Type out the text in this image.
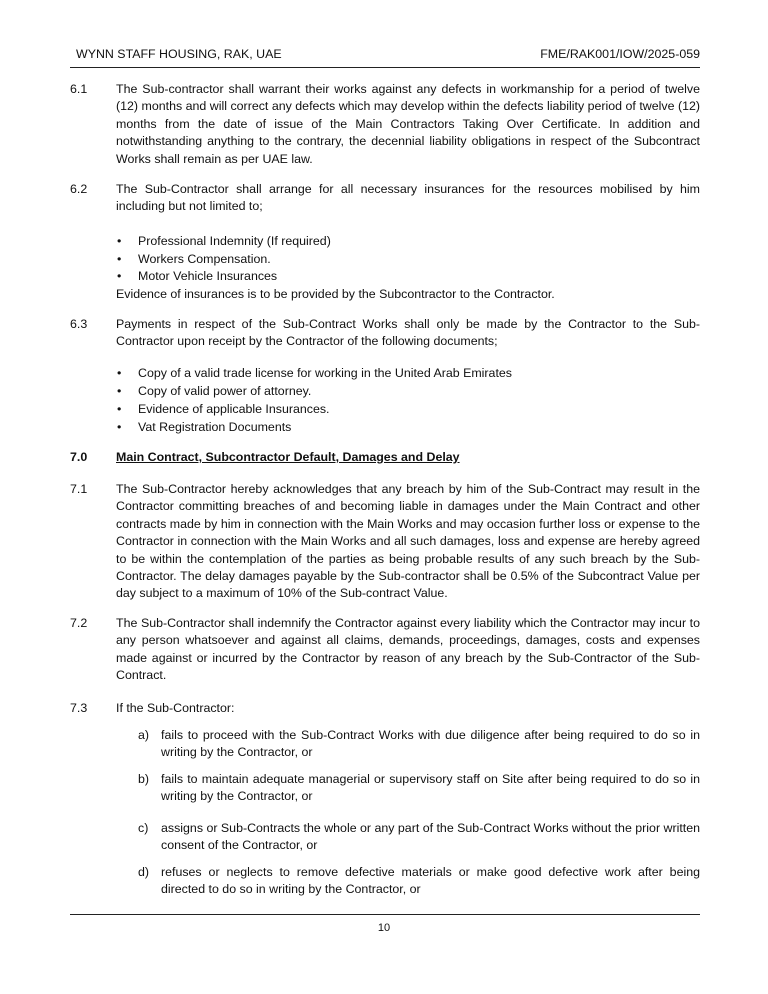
WYNN STAFF HOUSING, RAK, UAE	FME/RAK001/IOW/2025-059
6.1 The Sub-contractor shall warrant their works against any defects in workmanship for a period of twelve (12) months and will correct any defects which may develop within the defects liability period of twelve (12) months from the date of issue of the Main Contractors Taking Over Certificate. In addition and notwithstanding anything to the contrary, the decennial liability obligations in respect of the Subcontract Works shall remain as per UAE law.
6.2 The Sub-Contractor shall arrange for all necessary insurances for the resources mobilised by him including but not limited to;
• Professional Indemnity (If required)
• Workers Compensation.
• Motor Vehicle Insurances
Evidence of insurances is to be provided by the Subcontractor to the Contractor.
6.3 Payments in respect of the Sub-Contract Works shall only be made by the Contractor to the Sub-Contractor upon receipt by the Contractor of the following documents;
• Copy of a valid trade license for working in the United Arab Emirates
• Copy of valid power of attorney.
• Evidence of applicable Insurances.
• Vat Registration Documents
7.0 Main Contract, Subcontractor Default, Damages and Delay
7.1 The Sub-Contractor hereby acknowledges that any breach by him of the Sub-Contract may result in the Contractor committing breaches of and becoming liable in damages under the Main Contract and other contracts made by him in connection with the Main Works and may occasion further loss or expense to the Contractor in connection with the Main Works and all such damages, loss and expense are hereby agreed to be within the contemplation of the parties as being probable results of any such breach by the Sub-Contractor. The delay damages payable by the Sub-contractor shall be 0.5% of the Subcontract Value per day subject to a maximum of 10% of the Sub-contract Value.
7.2 The Sub-Contractor shall indemnify the Contractor against every liability which the Contractor may incur to any person whatsoever and against all claims, demands, proceedings, damages, costs and expenses made against or incurred by the Contractor by reason of any breach by the Sub-Contractor of the Sub-Contract.
7.3 If the Sub-Contractor:
a) fails to proceed with the Sub-Contract Works with due diligence after being required to do so in writing by the Contractor, or
b) fails to maintain adequate managerial or supervisory staff on Site after being required to do so in writing by the Contractor, or
c) assigns or Sub-Contracts the whole or any part of the Sub-Contract Works without the prior written consent of the Contractor, or
d) refuses or neglects to remove defective materials or make good defective work after being directed to do so in writing by the Contractor, or
10
